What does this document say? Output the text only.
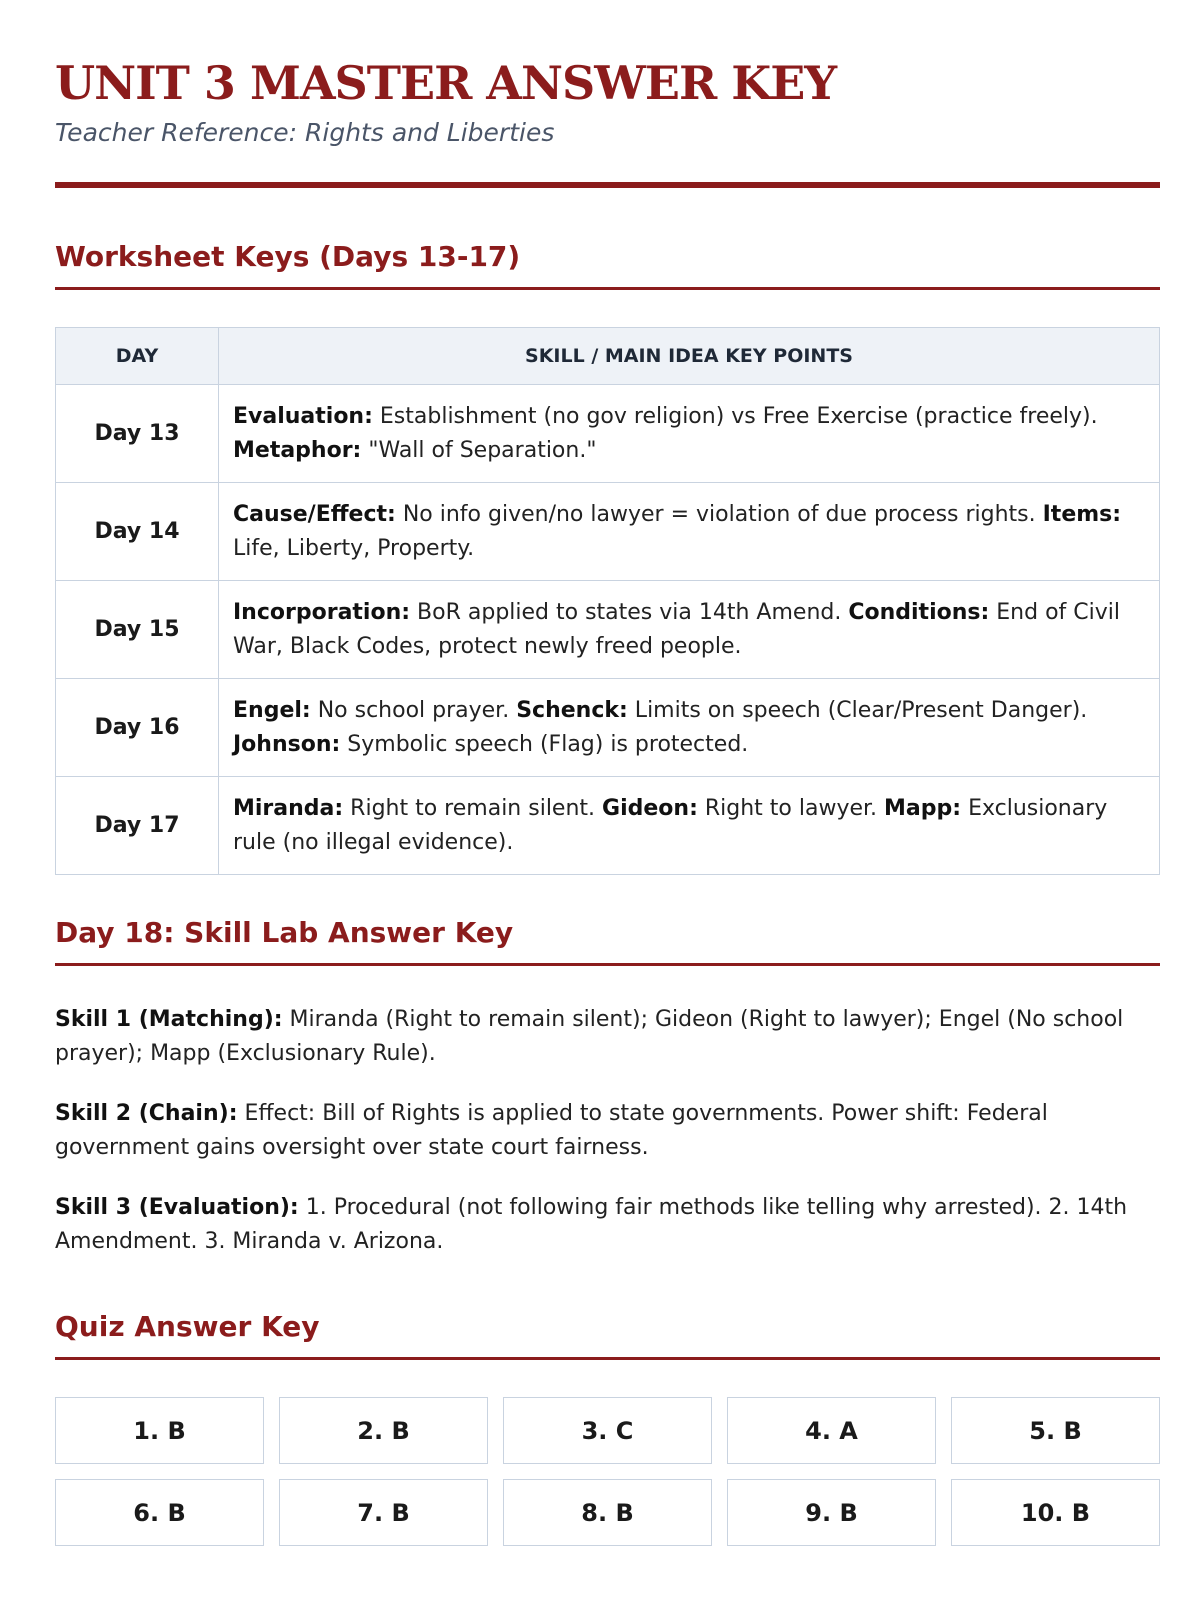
UNIT 3 MASTER ANSWER KEY

Teacher Reference: Rights and Liberties

Worksheet Keys (Days 13-17)
DAY	SKILL / MAIN IDEA KEY POINTS
Day 13	Evaluation: Establishment (no gov religion) vs Free Exercise (practice freely). Metaphor: "Wall of Separation."
Day 14	Cause/Effect: No info given/no lawyer = violation of due process rights. Items: Life, Liberty, Property.
Day 15	Incorporation: BoR applied to states via 14th Amend. Conditions: End of Civil War, Black Codes, protect newly freed people.
Day 16	Engel: No school prayer. Schenck: Limits on speech (Clear/Present Danger). Johnson: Symbolic speech (Flag) is protected.
Day 17	Miranda: Right to remain silent. Gideon: Right to lawyer. Mapp: Exclusionary rule (no illegal evidence).
Day 18: Skill Lab Answer Key

Skill 1 (Matching): Miranda (Right to remain silent); Gideon (Right to lawyer); Engel (No school prayer); Mapp (Exclusionary Rule).

Skill 2 (Chain): Effect: Bill of Rights is applied to state governments. Power shift: Federal government gains oversight over state court fairness.

Skill 3 (Evaluation): 1. Procedural (not following fair methods like telling why arrested). 2. 14th Amendment. 3. Miranda v. Arizona.

Quiz Answer Key
1. B	2. B	3. C	4. A	5. B
6. B	7. B	8. B	9. B	10. B
